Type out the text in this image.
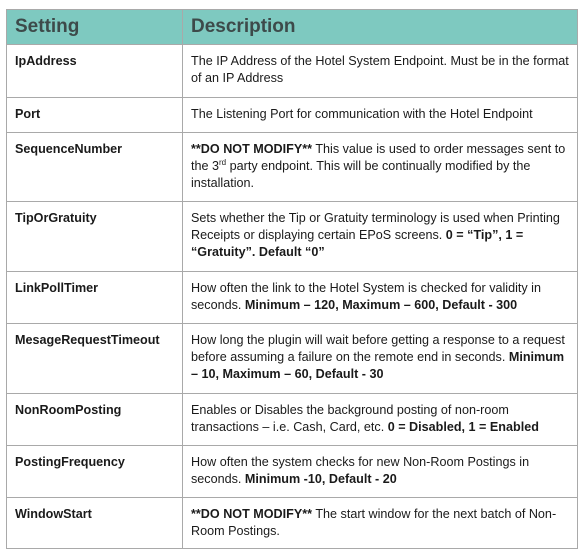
Setting	Description
IpAddress	The IP Address of the Hotel System Endpoint. Must be in the format of an IP Address
Port	The Listening Port for communication with the Hotel Endpoint
SequenceNumber	**DO NOT MODIFY** This value is used to order messages sent to the 3rd party endpoint. This will be continually modified by the installation.
TipOrGratuity	Sets whether the Tip or Gratuity terminology is used when Printing Receipts or displaying certain EPoS screens. 0 = “Tip”, 1 = “Gratuity”. Default “0”
LinkPollTimer	How often the link to the Hotel System is checked for validity in seconds. Minimum – 120, Maximum – 600, Default - 300
MesageRequestTimeout	How long the plugin will wait before getting a response to a request before assuming a failure on the remote end in seconds. Minimum – 10, Maximum – 60, Default - 30
NonRoomPosting	Enables or Disables the background posting of non-room transactions – i.e. Cash, Card, etc. 0 = Disabled, 1 = Enabled
PostingFrequency	How often the system checks for new Non-Room Postings in seconds. Minimum -10, Default - 20
WindowStart	**DO NOT MODIFY** The start window for the next batch of Non-Room Postings.
